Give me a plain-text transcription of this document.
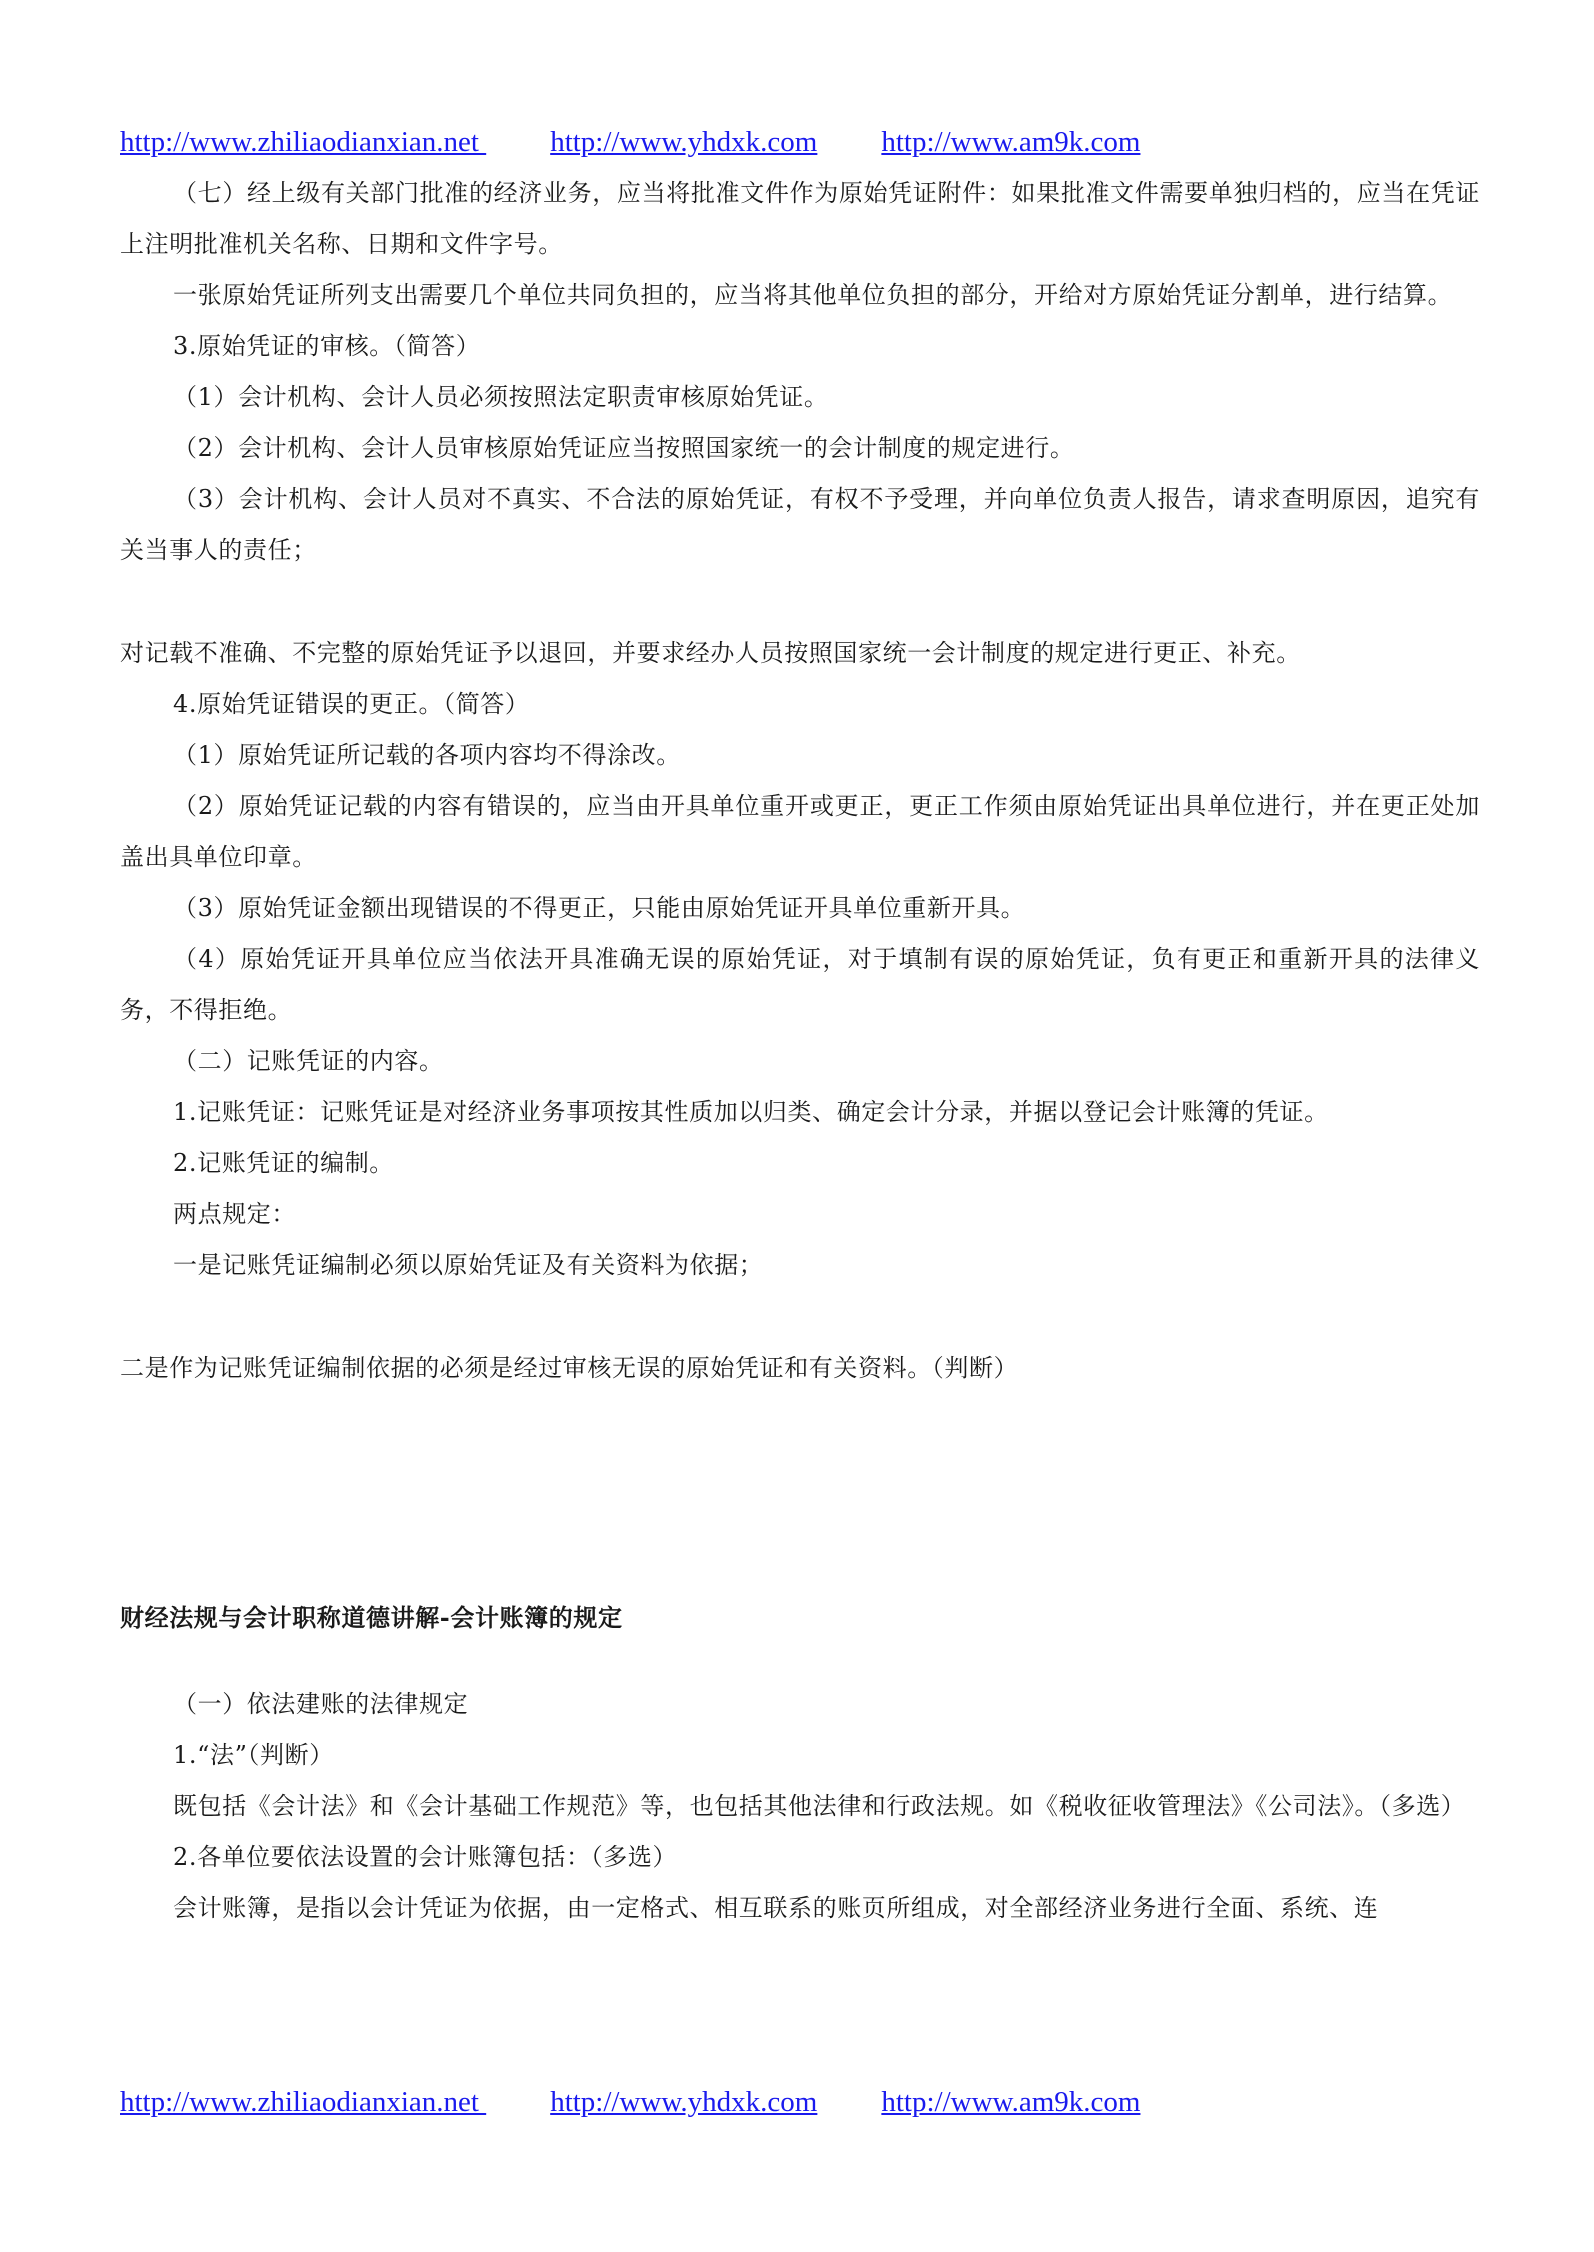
http://www.zhiliaodianxian.net http://www.yhdxk.com http://www.am9k.com

（七）经上级有关部门批准的经济业务，应当将批准文件作为原始凭证附件：如果批准文件需要单独归档的，应当在凭证上注明批准机关名称、日期和文件字号。

一张原始凭证所列支出需要几个单位共同负担的，应当将其他单位负担的部分，开给对方原始凭证分割单，进行结算。

3.原始凭证的审核。（简答）

（1）会计机构、会计人员必须按照法定职责审核原始凭证。

（2）会计机构、会计人员审核原始凭证应当按照国家统一的会计制度的规定进行。

（3）会计机构、会计人员对不真实、不合法的原始凭证，有权不予受理，并向单位负责人报告，请求查明原因，追究有关当事人的责任；

对记载不准确、不完整的原始凭证予以退回，并要求经办人员按照国家统一会计制度的规定进行更正、补充。

4.原始凭证错误的更正。（简答）

（1）原始凭证所记载的各项内容均不得涂改。

（2）原始凭证记载的内容有错误的，应当由开具单位重开或更正，更正工作须由原始凭证出具单位进行，并在更正处加盖出具单位印章。

（3）原始凭证金额出现错误的不得更正，只能由原始凭证开具单位重新开具。

（4）原始凭证开具单位应当依法开具准确无误的原始凭证，对于填制有误的原始凭证，负有更正和重新开具的法律义务，不得拒绝。

（二）记账凭证的内容。

1.记账凭证：记账凭证是对经济业务事项按其性质加以归类、确定会计分录，并据以登记会计账簿的凭证。

2.记账凭证的编制。

两点规定：

一是记账凭证编制必须以原始凭证及有关资料为依据；

二是作为记账凭证编制依据的必须是经过审核无误的原始凭证和有关资料。（判断）

财经法规与会计职称道德讲解-会计账簿的规定

（一）依法建账的法律规定

1.“法”（判断）

既包括《会计法》和《会计基础工作规范》等，也包括其他法律和行政法规。如《税收征收管理法》《公司法》。（多选）

2.各单位要依法设置的会计账簿包括：（多选）

会计账簿，是指以会计凭证为依据，由一定格式、相互联系的账页所组成，对全部经济业务进行全面、系统、连

http://www.zhiliaodianxian.net http://www.yhdxk.com http://www.am9k.com
